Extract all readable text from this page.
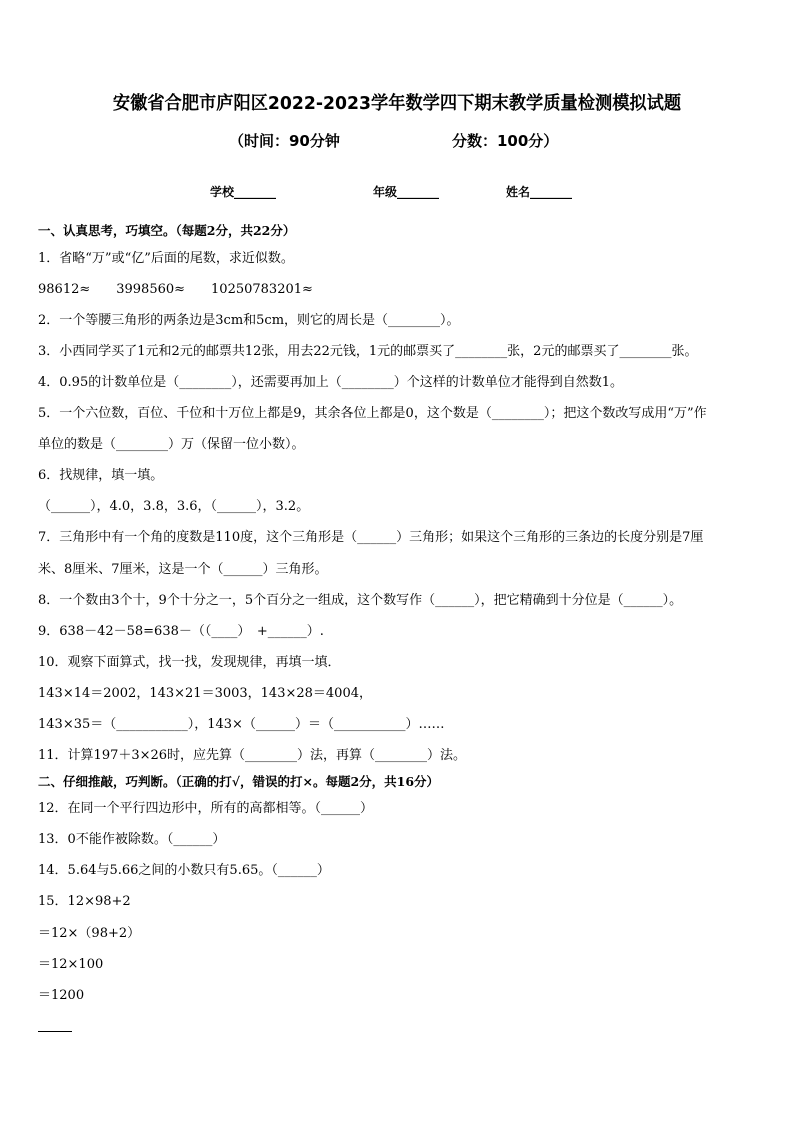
安徽省合肥市庐阳区2022-2023学年数学四下期末教学质量检测模拟试题
（时间：90分钟	分数：100分）
学校_______	年级_______	姓名_______
一、认真思考，巧填空。（每题2分，共22分）
1．省略“万”或“亿”后面的尾数，求近似数。
98612≈　　3998560≈　　10250783201≈
2．一个等腰三角形的两条边是3cm和5cm，则它的周长是（________）。
3．小西同学买了1元和2元的邮票共12张，用去22元钱，1元的邮票买了________张，2元的邮票买了________张。
4．0.95的计数单位是（________），还需要再加上（________）个这样的计数单位才能得到自然数1。
5．一个六位数，百位、千位和十万位上都是9，其余各位上都是0，这个数是（________）；把这个数改写成用“万”作
单位的数是（________）万（保留一位小数）。
6．找规律，填一填。
（______），4.0，3.8，3.6，（______），3.2。
7．三角形中有一个角的度数是110度，这个三角形是（______）三角形；如果这个三角形的三条边的长度分别是7厘
米、8厘米、7厘米，这是一个（______）三角形。
8．一个数由3个十，9个十分之一，5个百分之一组成，这个数写作（______），把它精确到十分位是（______）。
9．638－42－58=638－（（____）　+______）.
10．观察下面算式，找一找，发现规律，再填一填．
143×14＝2002，143×21＝3003，143×28＝4004，
143×35＝（___________），143×（______）＝（___________）……
11．计算197＋3×26时，应先算（________）法，再算（________）法。
二、仔细推敲，巧判断。（正确的打√，错误的打×。每题2分，共16分）
12．在同一个平行四边形中，所有的高都相等。（______）
13．0不能作被除数。（______）
14．5.64与5.66之间的小数只有5.65。（______）
15．12×98+2
＝12×（98+2）
＝12×100
＝1200
